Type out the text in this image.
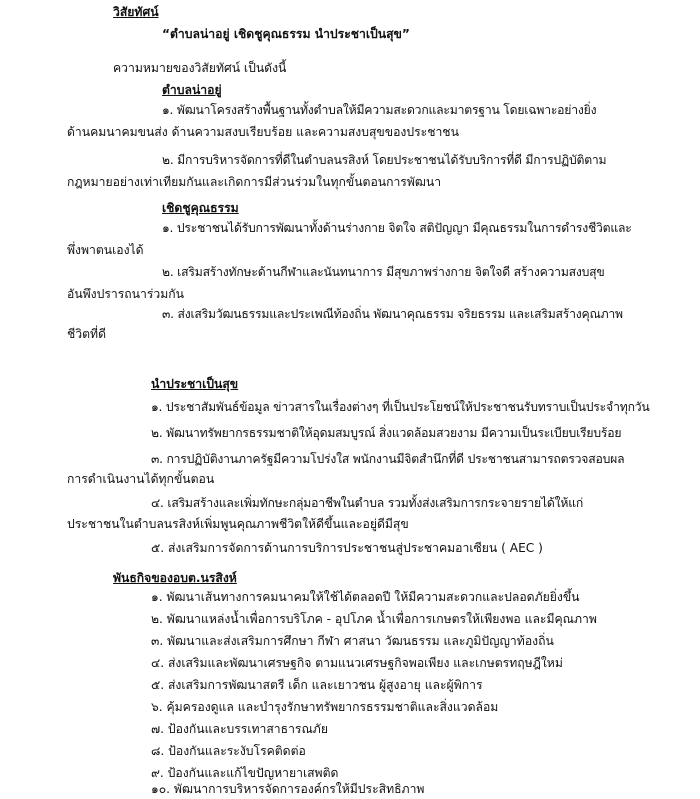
วิสัยทัศน์
“ตำบลน่าอยู่ เชิดชูคุณธรรม นำประชาเป็นสุข”
ความหมายของวิสัยทัศน์ เป็นดังนี้
ตำบลน่าอยู่
๑. พัฒนาโครงสร้างพื้นฐานทั้งตำบลให้มีความสะดวกและมาตรฐาน โดยเฉพาะอย่างยิ่ง
ด้านคมนาคมขนส่ง ด้านความสงบเรียบร้อย และความสงบสุขของประชาชน
๒. มีการบริหารจัดการที่ดีในตำบลนรสิงห์ โดยประชาชนได้รับบริการที่ดี มีการปฏิบัติตาม
กฎหมายอย่างเท่าเทียมกันและเกิดการมีส่วนร่วมในทุกขั้นตอนการพัฒนา
เชิดชูคุณธรรม
๑. ประชาชนได้รับการพัฒนาทั้งด้านร่างกาย จิตใจ สติปัญญา มีคุณธรรมในการดำรงชีวิตและ
พึ่งพาตนเองได้
๒. เสริมสร้างทักษะด้านกีฬาและนันทนาการ มีสุขภาพร่างกาย จิตใจดี สร้างความสงบสุข
อันพึงปรารถนาร่วมกัน
๓. ส่งเสริมวัฒนธรรมและประเพณีท้องถิ่น พัฒนาคุณธรรม จริยธรรม และเสริมสร้างคุณภาพ
ชีวิตที่ดี
นำประชาเป็นสุข
๑. ประชาสัมพันธ์ข้อมูล ข่าวสารในเรื่องต่างๆ ที่เป็นประโยชน์ให้ประชาชนรับทราบเป็นประจำทุกวัน
๒. พัฒนาทรัพยากรธรรมชาติให้อุดมสมบูรณ์ สิ่งแวดล้อมสวยงาม มีความเป็นระเบียบเรียบร้อย
๓. การปฏิบัติงานภาครัฐมีความโปร่งใส พนักงานมีจิตสำนึกที่ดี ประชาชนสามารถตรวจสอบผล
การดำเนินงานได้ทุกขั้นตอน
๔. เสริมสร้างและเพิ่มทักษะกลุ่มอาชีพในตำบล รวมทั้งส่งเสริมการกระจายรายได้ให้แก่
ประชาชนในตำบลนรสิงห์เพิ่มพูนคุณภาพชีวิตให้ดีขึ้นและอยู่ดีมีสุข
๕. ส่งเสริมการจัดการด้านการบริการประชาชนสู่ประชาคมอาเซียน ( AEC )
พันธกิจของอบต.นรสิงห์
๑. พัฒนาเส้นทางการคมนาคมให้ใช้ได้ตลอดปี ให้มีความสะดวกและปลอดภัยยิ่งขึ้น
๒. พัฒนาแหล่งน้ำเพื่อการบริโภค - อุปโภค น้ำเพื่อการเกษตรให้เพียงพอ และมีคุณภาพ
๓. พัฒนาและส่งเสริมการศึกษา กีฬา ศาสนา วัฒนธรรม และภูมิปัญญาท้องถิ่น
๔. ส่งเสริมและพัฒนาเศรษฐกิจ ตามแนวเศรษฐกิจพอเพียง และเกษตรทฤษฎีใหม่
๕. ส่งเสริมการพัฒนาสตรี เด็ก และเยาวชน ผู้สูงอายุ และผู้พิการ
๖. คุ้มครองดูแล และบำรุงรักษาทรัพยากรธรรมชาติและสิ่งแวดล้อม
๗. ป้องกันและบรรเทาสาธารณภัย
๘. ป้องกันและระงับโรคติดต่อ
๙. ป้องกันและแก้ไขปัญหายาเสพติด
๑๐. พัฒนาการบริหารจัดการองค์กรให้มีประสิทธิภาพ
